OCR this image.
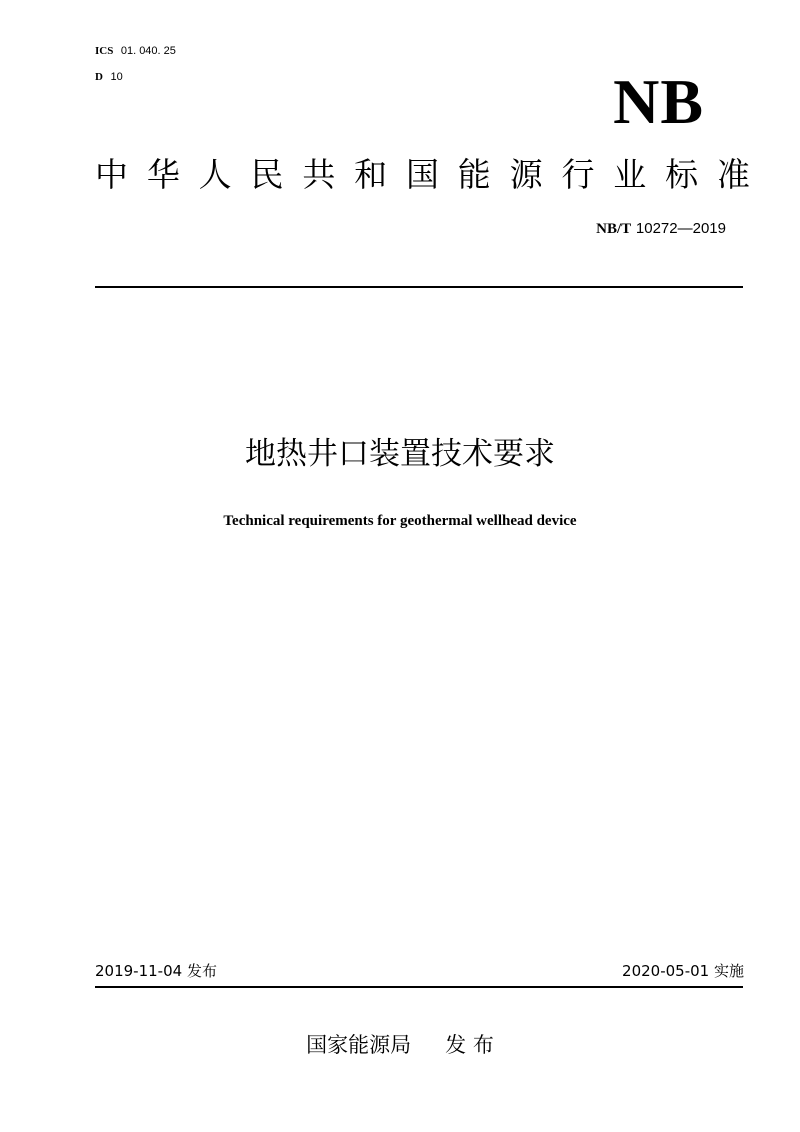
ICS 01. 040. 25
D 10	NB
中 华 人 民 共 和 国 能 源 行 业 标 准
NB/T 10272—2019
地热井口装置技术要求
Technical requirements for geothermal wellhead device
2019-11-04 发布	2020-05-01 实施
国家能源局 发 布
